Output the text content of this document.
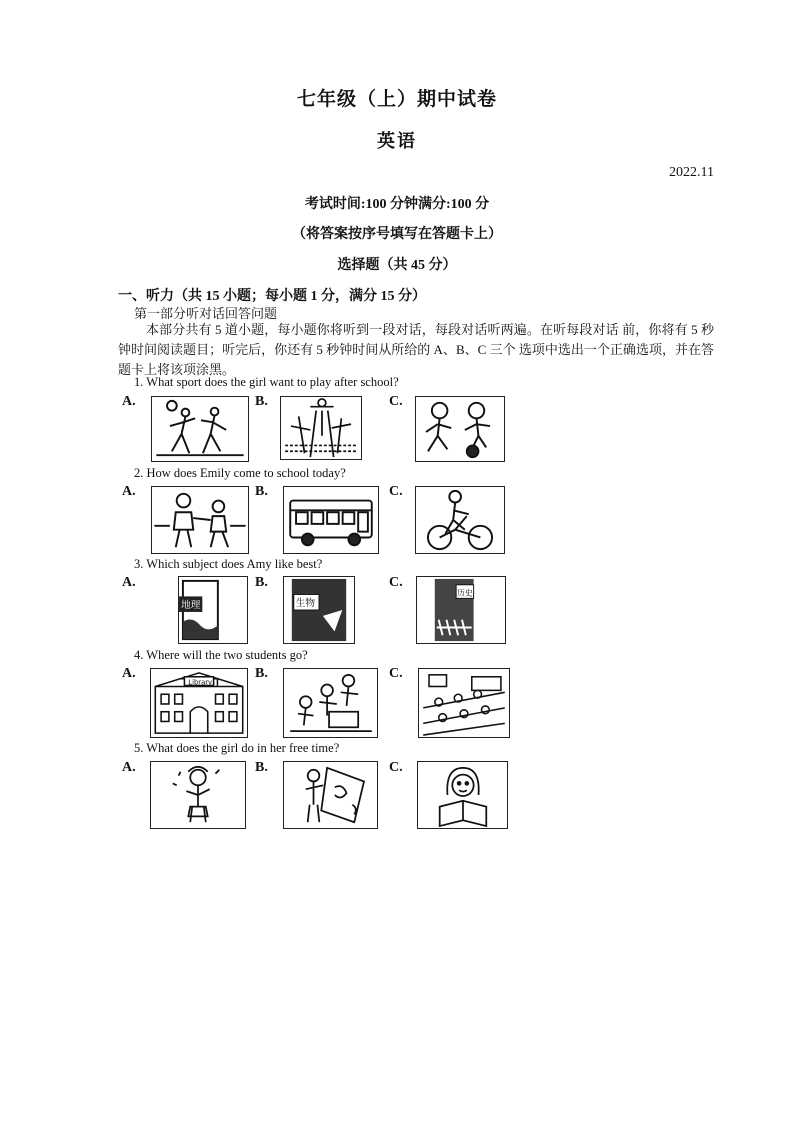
七年级（上）期中试卷
英语
2022.11
考试时间:100 分钟满分:100 分
（将答案按序号填写在答题卡上）
选择题（共 45 分）
一、听力（共 15 小题；每小题 1 分，满分 15 分）
第一部分听对话回答问题
本部分共有 5 道小题，每小题你将听到一段对话，每段对话听两遍。在听每段对话 前，你将有 5 秒钟时间阅读题目；听完后，你还有 5 秒钟时间从所给的 A、B、C 三个 选项中选出一个正确选项，并在答题卡上将该项涂黑。
1. What sport does the girl want to play after school?
A.	B.	C.
2. How does Emily come to school today?
A.	B.	C.
3. Which subject does Amy like best?
A.
地理
B.
生物
C.
历史
4. Where will the two students go?
A.
Library
B.	C.
5. What does the girl do in her free time?
A.	B.	C.
